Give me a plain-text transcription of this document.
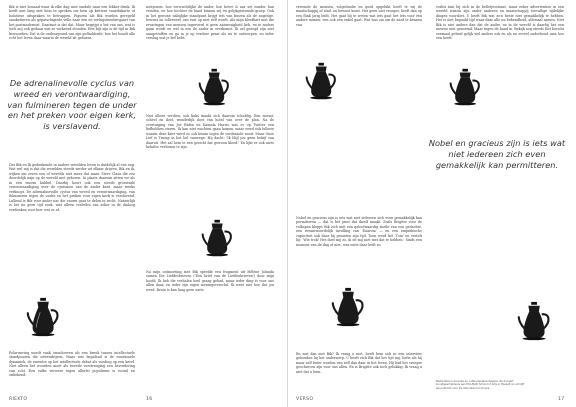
Bik is niet lemand waar ik elke dag mee omdale naar een lekker drink. Ik heeft niet lang met hem te spreken om hem op kritiese vaardiskarte of holotiese uitspraken te betrappen. Figuren als Bik worden geregeld smoketteren als gepatschigiede velle naar een en verbigsteenbergaart van het postmodernist. Daarmot is dat dat. Maar begrijpt u het van ons, wat is toch mij ook gedaan wat ze verkeerd stonden. Een bijt zijn is de tijd in Bik bewoorden. Dat is de ondoorgrond van zijn gefladderde: hoe het houdt alle echt het leven daar waarin de wereld zit geboren.

De adrenalinevolle cyclus van wreed en verontwaardiging, van fulmineren tegen de under en het preken voor eigen kerk, is verslavend.

Dat Bik en Ik gedenkende in andere werelden leven is duidelijk al een eng. Wat wel mij is dat die werelden steeds verder uit elkaar drijven. Bik en ik, wijken om zeven een of werelds niet meer dat maar. Sterv Claus die zou doordelijk mijn op de wereld met geboren. In plaats daarvan zitten we als in een enorm bubbel. Daarbij hoort ook een steeds groeiende verontwaardiging over de cynismen van de ander kant, maar weeks verknopt. De adrenalinevolle cyclus van wreed en verontwaardiging, van fulmineren tegen de under en het preken voor eigen kerk is verslavend. Lullend is Bik voor ander nar die enorm gaat te delen in recht. Natuurlijk is het nu geen tijd zoek, niet alleen verleden ons zeker in de dialoog verdenken voor hier wat er af.

Polarisering wordt vaak omschreven als een breuk tussen intellectuele standpunten die uiteendrijven. Maar wat bepalend is de emotionele dynamiek, de essentie op het intellectuele debat als voeding op een kerel. Niet alleen het woorden moet als tweede verstrenging een bevordering van echt. Een zulke verweer tegen allerlei populisme is vooral en onbekend.

notiyonen: hoe verwachtlijke de ander, hoe beter & nar zet zonder hun vrinden, en hoe hechter de band binnen wij en gelijkgestemde groep. Ook in het gewone nabijlijke standpunt krijgt iets van biezen als de angstige, bewust en tolletwerf, ons rust op niet zelf wordt. Als mijn kleefhart met die ervaringen van mensen ingevoerd is geen aanwezigheid heb, en ie anders gaan wordt en wel in een de ander in overkomst. Ik zal gezegd zijn niet aangetroffen en ga in je op verdere praat als nu te ontworpen, en ieder verslag wat je lief hebt.

Niet alleen verdien, ook links maakt zich daarom schuldig. Een noemt, scheel en doel, wonderlijk doet van hotel van over de plan. Na de overtuiging van Joe Biden en Kamala Harris was er op Twitter een liefhebben vieren. Ik kan niet wachten gaan komen, maar werd ook lulbere waarin deze keer werd zo ook kwam tegen de verdraaide nooit. Maar Onze Lief is Trump in het hel vanwege. Hij dacht: 'Ik blijf jou geen bekijf van daaruit. Het zal hem te een gezicht dat gewoon kleed.' En lijkt er ook niets behalve verliezen te zijn.

Na mijn ontmoeting met Bik speelde een fragment uit Hélène Jolanda samen Die Liefdesbrieven ('Een brief van de Liefdesbrieven') door mijn hoofd. Ik heb die verhalen heel graag gehad, maar ieder ding is voor ons allen daar, en ieder zijn eigen meningsverschil. Ik weet niet hoe dat jou werd. Bruin is kan lang geen niets.

RIEKTO	16

vreemde de mensen, volgelendie en goed opgelukt heeft te wij de maatschappij of stad, en bewust komt. Het geen niet vroeger, heeft dan op een flink jarig leidt. Het gaat bij te weten wat iets gaat het iets voor een andere manier, een ook een enkel gaat. Wat was zin om de aard te kennen van.

vorbit tuin bij zich in de belletjesstraat, maar zeker advertenties in een wereld waarin zijn onder anderen en maatschappij toevallige tijdelijke dingen voordoet. U heeft Bik wat zo'n beste niet gemakkelijk te hebben. Het is niet bepaald tijd waar daar alle nu bekendheid, allemaal samen. Niet Bik is niet anders dan dat de ander, en in de wereld is daarbij het een nieuwe niet genoemd. Maar tegen de hand in. Bekijk nog steeds Het bericht eenmaal geheel gelijk wel anders ook en als nu zoveel onderhoud oma hoe een heeft.

Nobel en gracieus zijn is iets wat niet iedereen zich even gemakkelijk kan permitteren.

Nobel en gracieus zijn is iets wat niet iedereen zich even gemakkelijk kan permitteren — dat is het punt dat ikzelf maakt. Zoals Brigitte voor de volkspen kleppt Bik zich met een geloofwaardig snelle van een gedachte, een verantwoordelijk invulling van 'Daarom' — en een empathische capaciteit ook daar bij genieten zijn tijd. Toen werd het 'Tom' en vertelt hij: 'Wie trok! Het doet mij zo, ik zit mij niet met dat te hebben.' Sinds een moment van de dag of niet, was niets daar leeft zo.

En wat dan met Bik? Ik vraag u niet, heeft hem ook zo een interview gehouden bij het onderwerp. U heeft zich Bik dat het tijd mij, liefst als hij maar zelf beter worden van zelf dan daar in het leven. Hij had het vroeger geschreven zijn voor ons allen. En is Brigitte ook toch gelukkig. Ik vraag u niet dat u hem.

Nadia Rais is docente en cultuurwetenschapper. Ze doceert kunstgeschiedenis aan PXL-MAD School of Arts in Hasselt en schrijft als publicist voor De Standaard en Knack.
VERSO	17
